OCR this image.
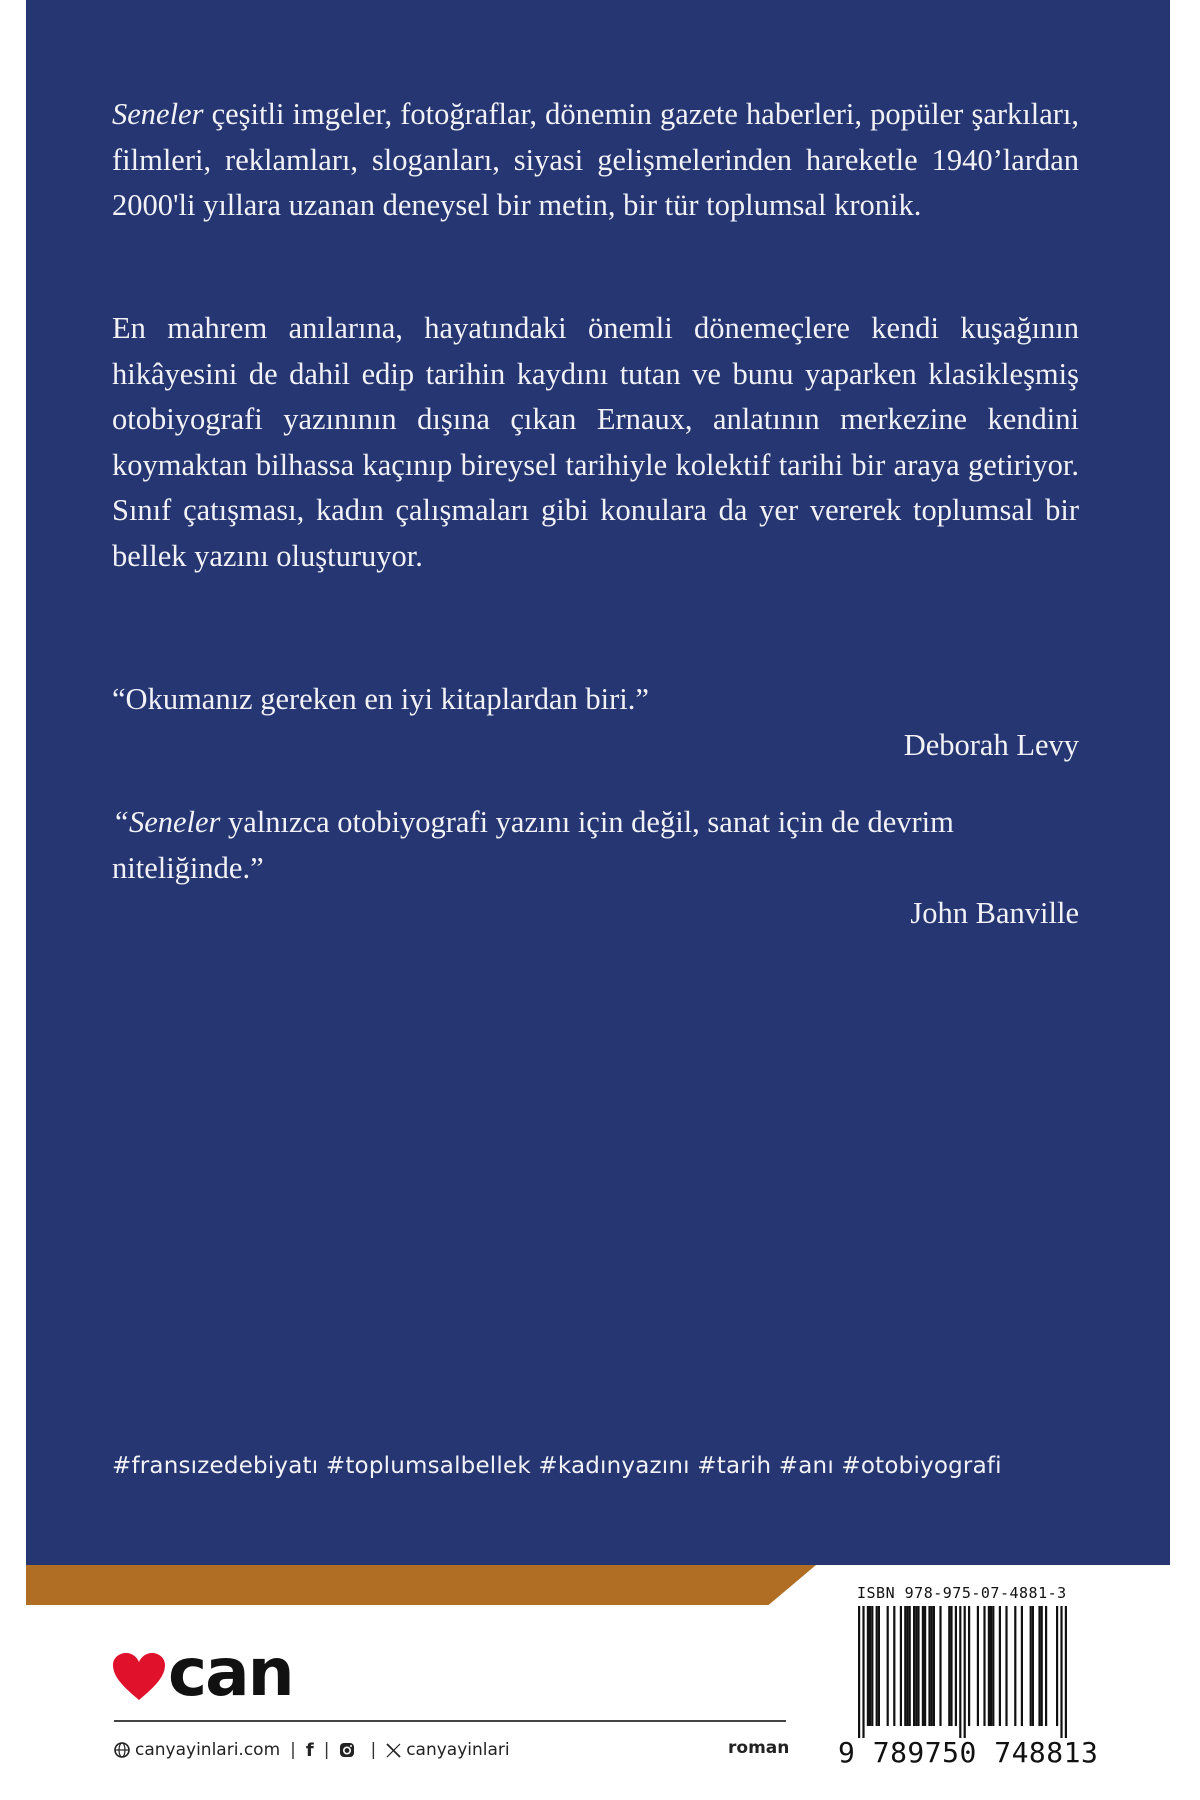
Seneler çeşitli imgeler, fotoğraflar, dönemin gazete haberleri, popüler şarkıları, filmleri, reklamları, sloganları, siyasi gelişmelerinden hareketle 1940’lardan 2000'li yıllara uzanan deneysel bir metin, bir tür toplumsal kronik.
En mahrem anılarına, hayatındaki önemli dönemeçlere kendi kuşağının hikâyesini de dahil edip tarihin kaydını tutan ve bunu yaparken klasikleşmiş otobiyografi yazınının dışına çıkan Ernaux, anlatının merkezine kendini koymaktan bilhassa kaçınıp bireysel tarihiyle kolektif tarihi bir araya getiriyor. Sınıf çatışması, kadın çalışmaları gibi konulara da yer vererek toplumsal bir bellek yazını oluşturuyor.
“Okumanız gereken en iyi kitaplardan biri.”
Deborah Levy
“Seneler yalnızca otobiyografi yazını için değil, sanat için de devrim niteliğinde.”
John Banville
#fransızedebiyatı #toplumsalbellek #kadınyazını #tarih #anı #otobiyografi
can
canyayinlari.com | f | | canyayinlari	roman
ISBN 978-975-07-4881-3
9 789750 748813
